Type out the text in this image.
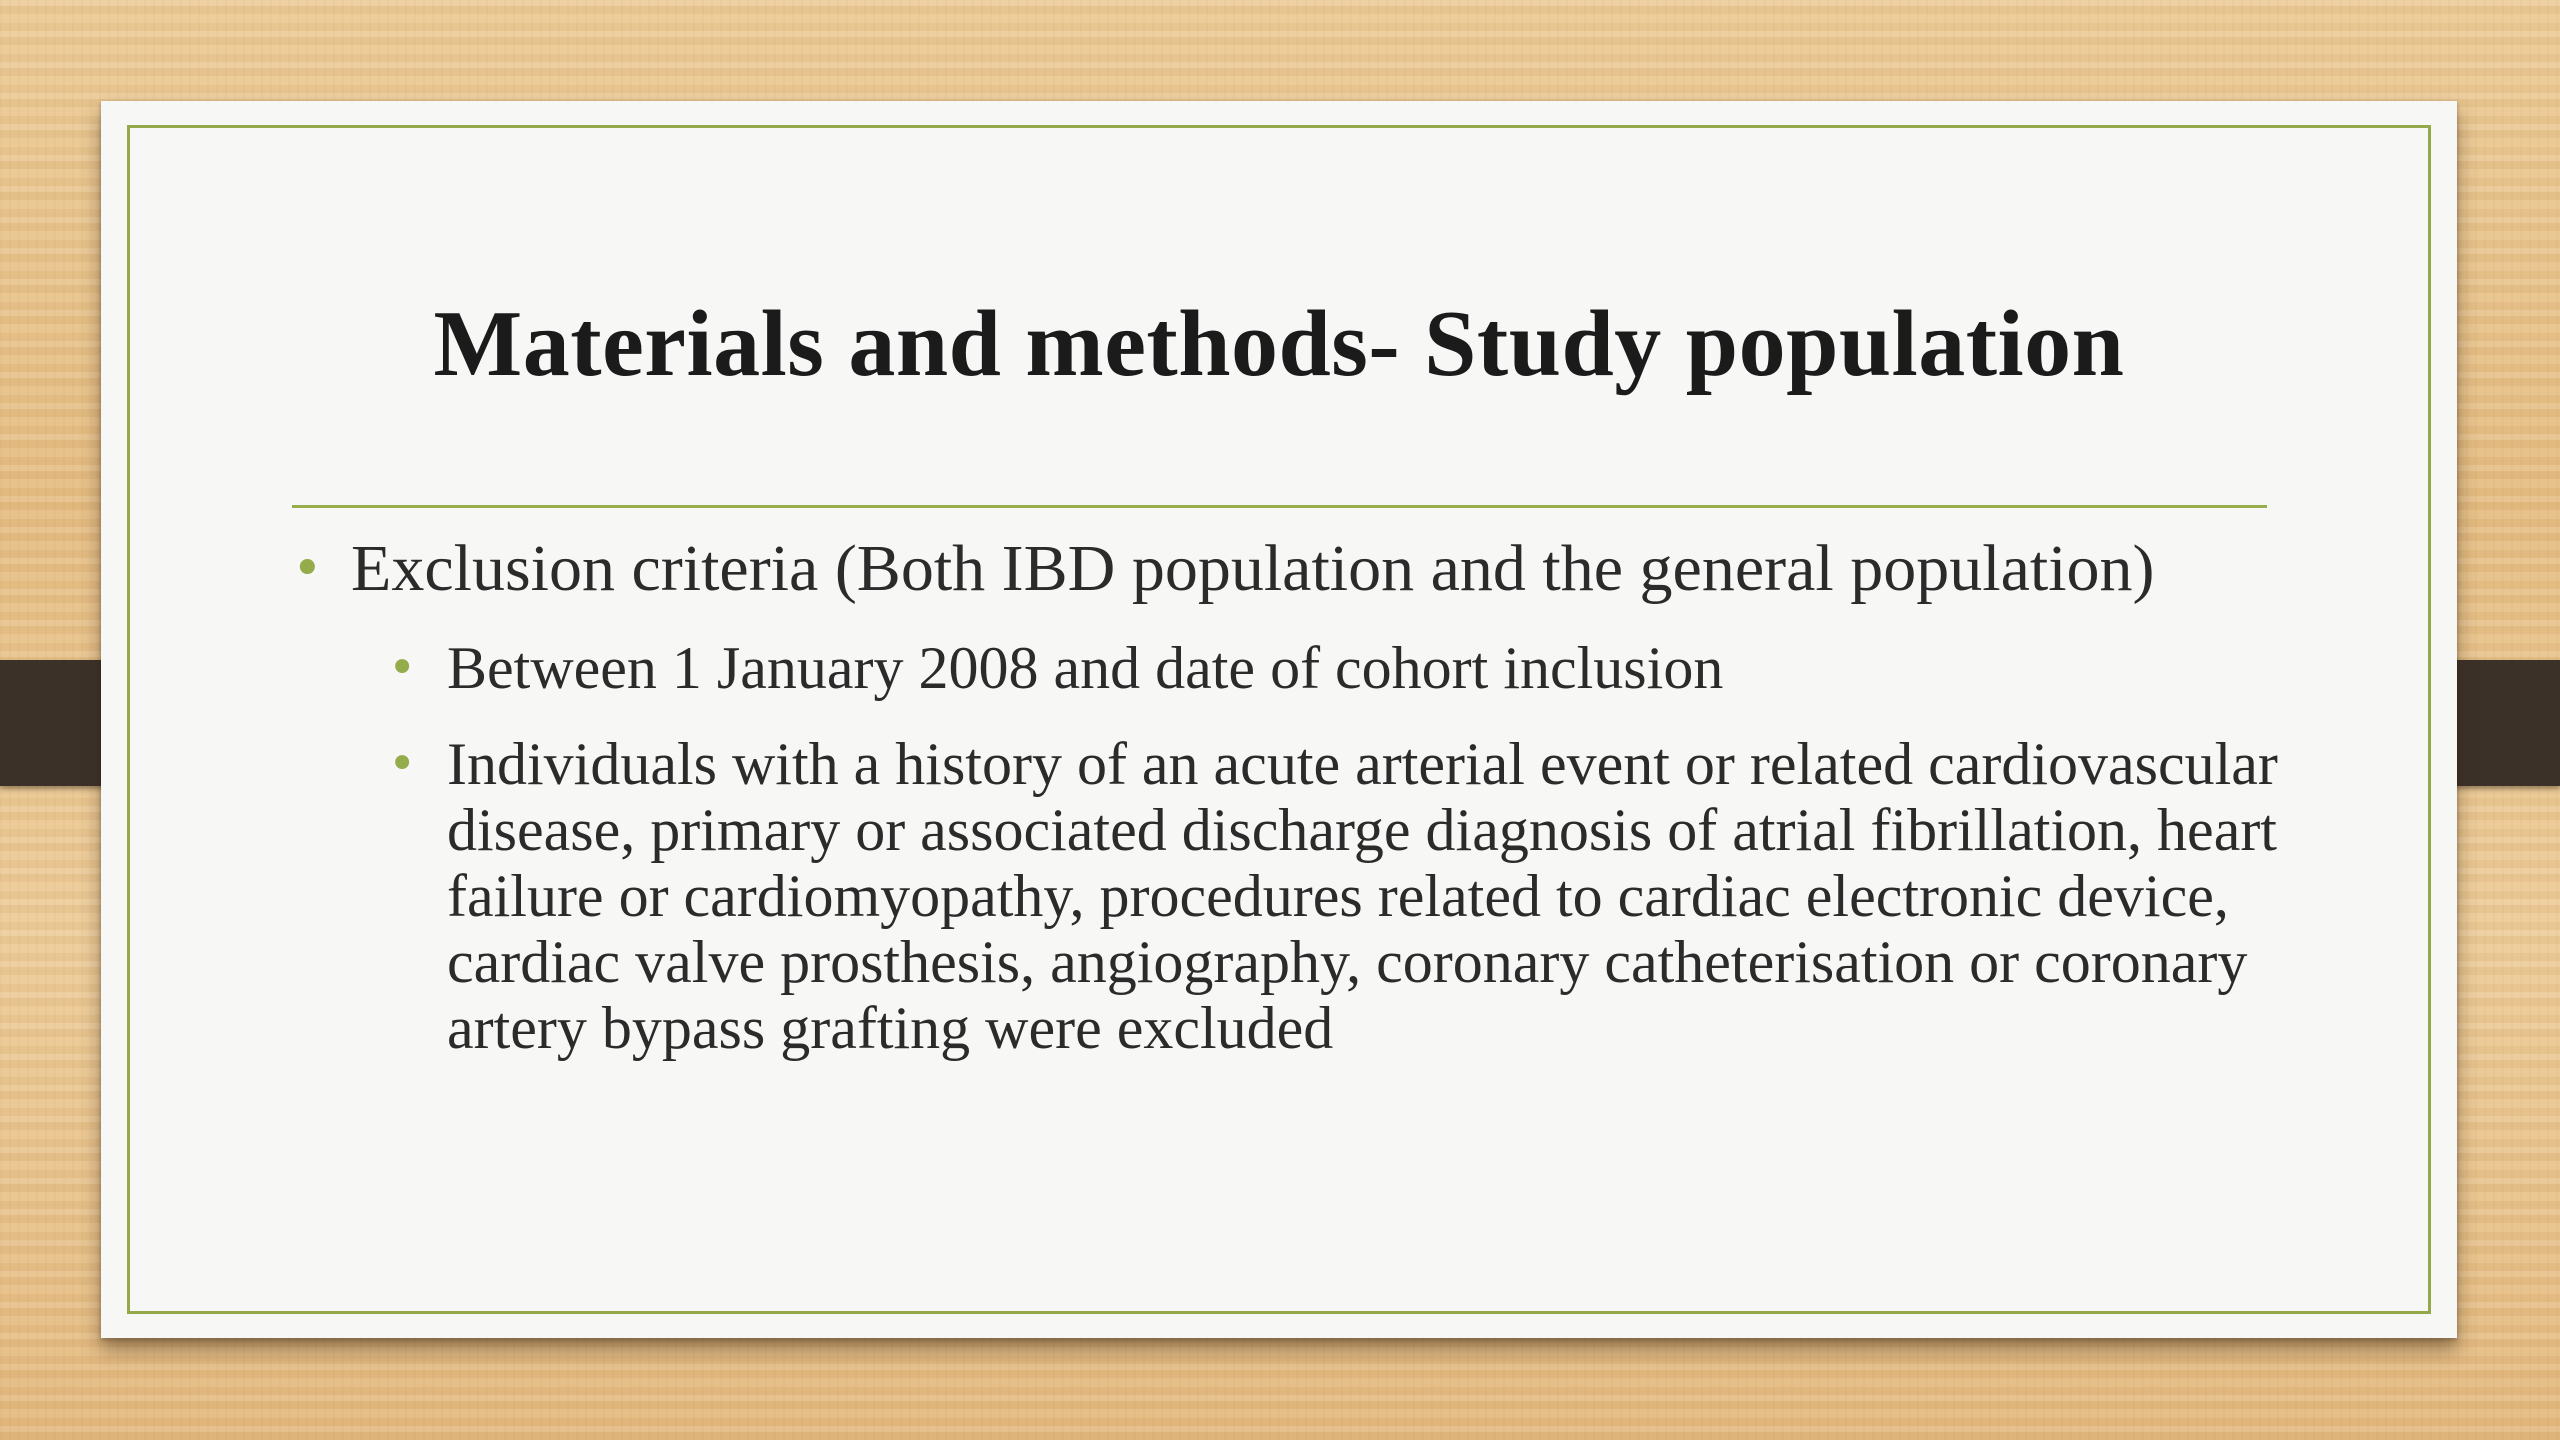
Materials and methods- Study population
• Exclusion criteria (Both IBD population and the general population)
• Between 1 January 2008 and date of cohort inclusion
• Individuals with a history of an acute arterial event or related cardiovascular disease, primary or associated discharge diagnosis of atrial fibrillation, heart failure or cardiomyopathy, procedures related to cardiac electronic device, cardiac valve prosthesis, angiography, coronary catheterisation or coronary artery bypass grafting were excluded
